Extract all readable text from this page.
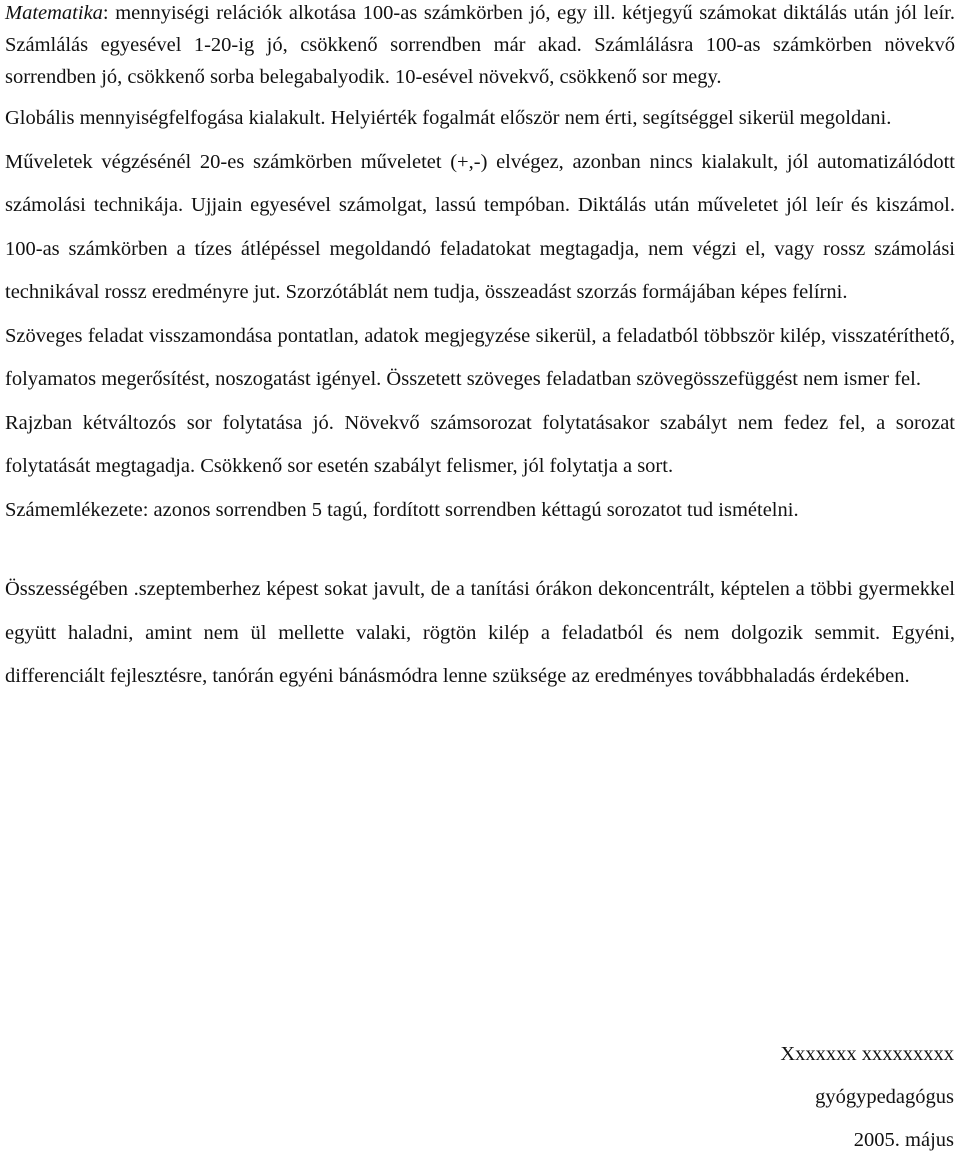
Matematika: mennyiségi relációk alkotása 100-as számkörben jó, egy ill. kétjegyű számokat diktálás után jól leír. Számlálás egyesével 1-20-ig jó, csökkenő sorrendben már akad. Számlálásra 100-as számkörben növekvő sorrendben jó, csökkenő sorba belegabalyodik. 10-esével növekvő, csökkenő sor megy.

Globális mennyiségfelfogása kialakult. Helyiérték fogalmát először nem érti, segítséggel sikerül megoldani.

Műveletek végzésénél 20-es számkörben műveletet (+,-) elvégez, azonban nincs kialakult, jól automatizálódott számolási technikája. Ujjain egyesével számolgat, lassú tempóban. Diktálás után műveletet jól leír és kiszámol. 100-as számkörben a tízes átlépéssel megoldandó feladatokat megtagadja, nem végzi el, vagy rossz számolási technikával rossz eredményre jut. Szorzótáblát nem tudja, összeadást szorzás formájában képes felírni.

Szöveges feladat visszamondása pontatlan, adatok megjegyzése sikerül, a feladatból többször kilép, visszatéríthető, folyamatos megerősítést, noszogatást igényel. Összetett szöveges feladatban szövegösszefüggést nem ismer fel.

Rajzban kétváltozós sor folytatása jó. Növekvő számsorozat folytatásakor szabályt nem fedez fel, a sorozat folytatását megtagadja. Csökkenő sor esetén szabályt felismer, jól folytatja a sort.

Számemlékezete: azonos sorrendben 5 tagú, fordított sorrendben kéttagú sorozatot tud ismételni.

Összességében .szeptemberhez képest sokat javult, de a tanítási órákon dekoncentrált, képtelen a többi gyermekkel együtt haladni, amint nem ül mellette valaki, rögtön kilép a feladatból és nem dolgozik semmit. Egyéni, differenciált fejlesztésre, tanórán egyéni bánásmódra lenne szüksége az eredményes továbbhaladás érdekében.

Xxxxxxx xxxxxxxxx
gyógypedagógus
2005. május
